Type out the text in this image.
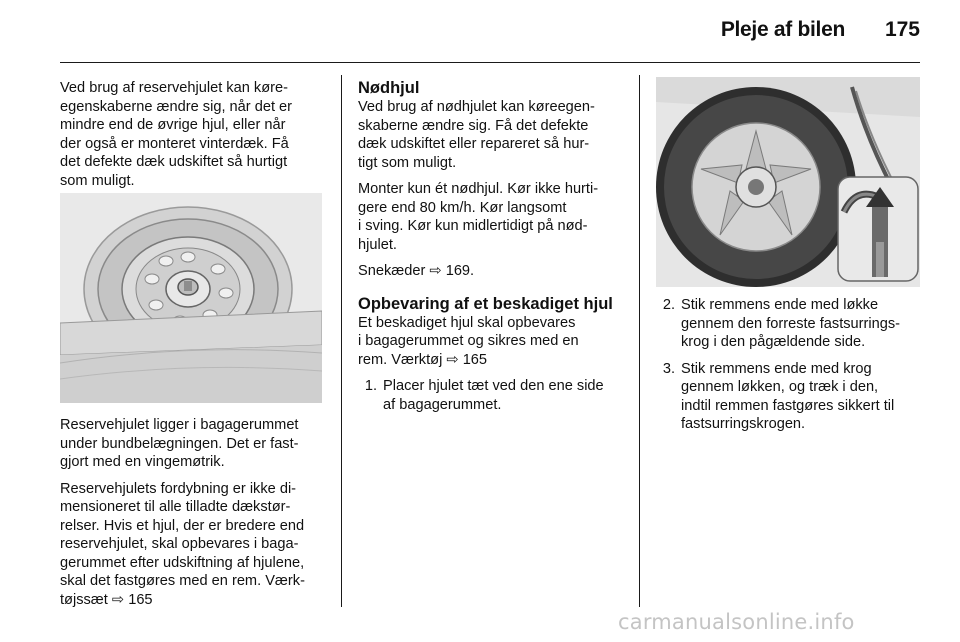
Pleje af bilen	175

Ved brug af reservehjulet kan køre-
egenskaberne ændre sig, når det er
mindre end de øvrige hjul, eller når
der også er monteret vinterdæk. Få
det defekte dæk udskiftet så hurtigt
som muligt.

Reservehjulet ligger i bagagerummet
under bundbelægningen. Det er fast-
gjort med en vingemøtrik.

Reservehjulets fordybning er ikke di-
mensioneret til alle tilladte dækstør-
relser. Hvis et hjul, der er bredere end
reservehjulet, skal opbevares i baga-
gerummet efter udskiftning af hjulene,
skal det fastgøres med en rem. Værk-
tøjssæt ⇨ 165

Nødhjul

Ved brug af nødhjulet kan køreegen-
skaberne ændre sig. Få det defekte
dæk udskiftet eller repareret så hur-
tigt som muligt.

Monter kun ét nødhjul. Kør ikke hurti-
gere end 80 km/h. Kør langsomt
i sving. Kør kun midlertidigt på nød-
hjulet.

Snekæder ⇨ 169.

Opbevaring af et beskadiget hjul

Et beskadiget hjul skal opbevares
i bagagerummet og sikres med en
rem. Værktøj ⇨ 165

1. Placer hjulet tæt ved den ene side
af bagagerummet.
2. Stik remmens ende med løkke
gennem den forreste fastsurrings-
krog i den pågældende side.
3. Stik remmens ende med krog
gennem løkken, og træk i den,
indtil remmen fastgøres sikkert til
fastsurringskrogen.
carmanualsonline.info
